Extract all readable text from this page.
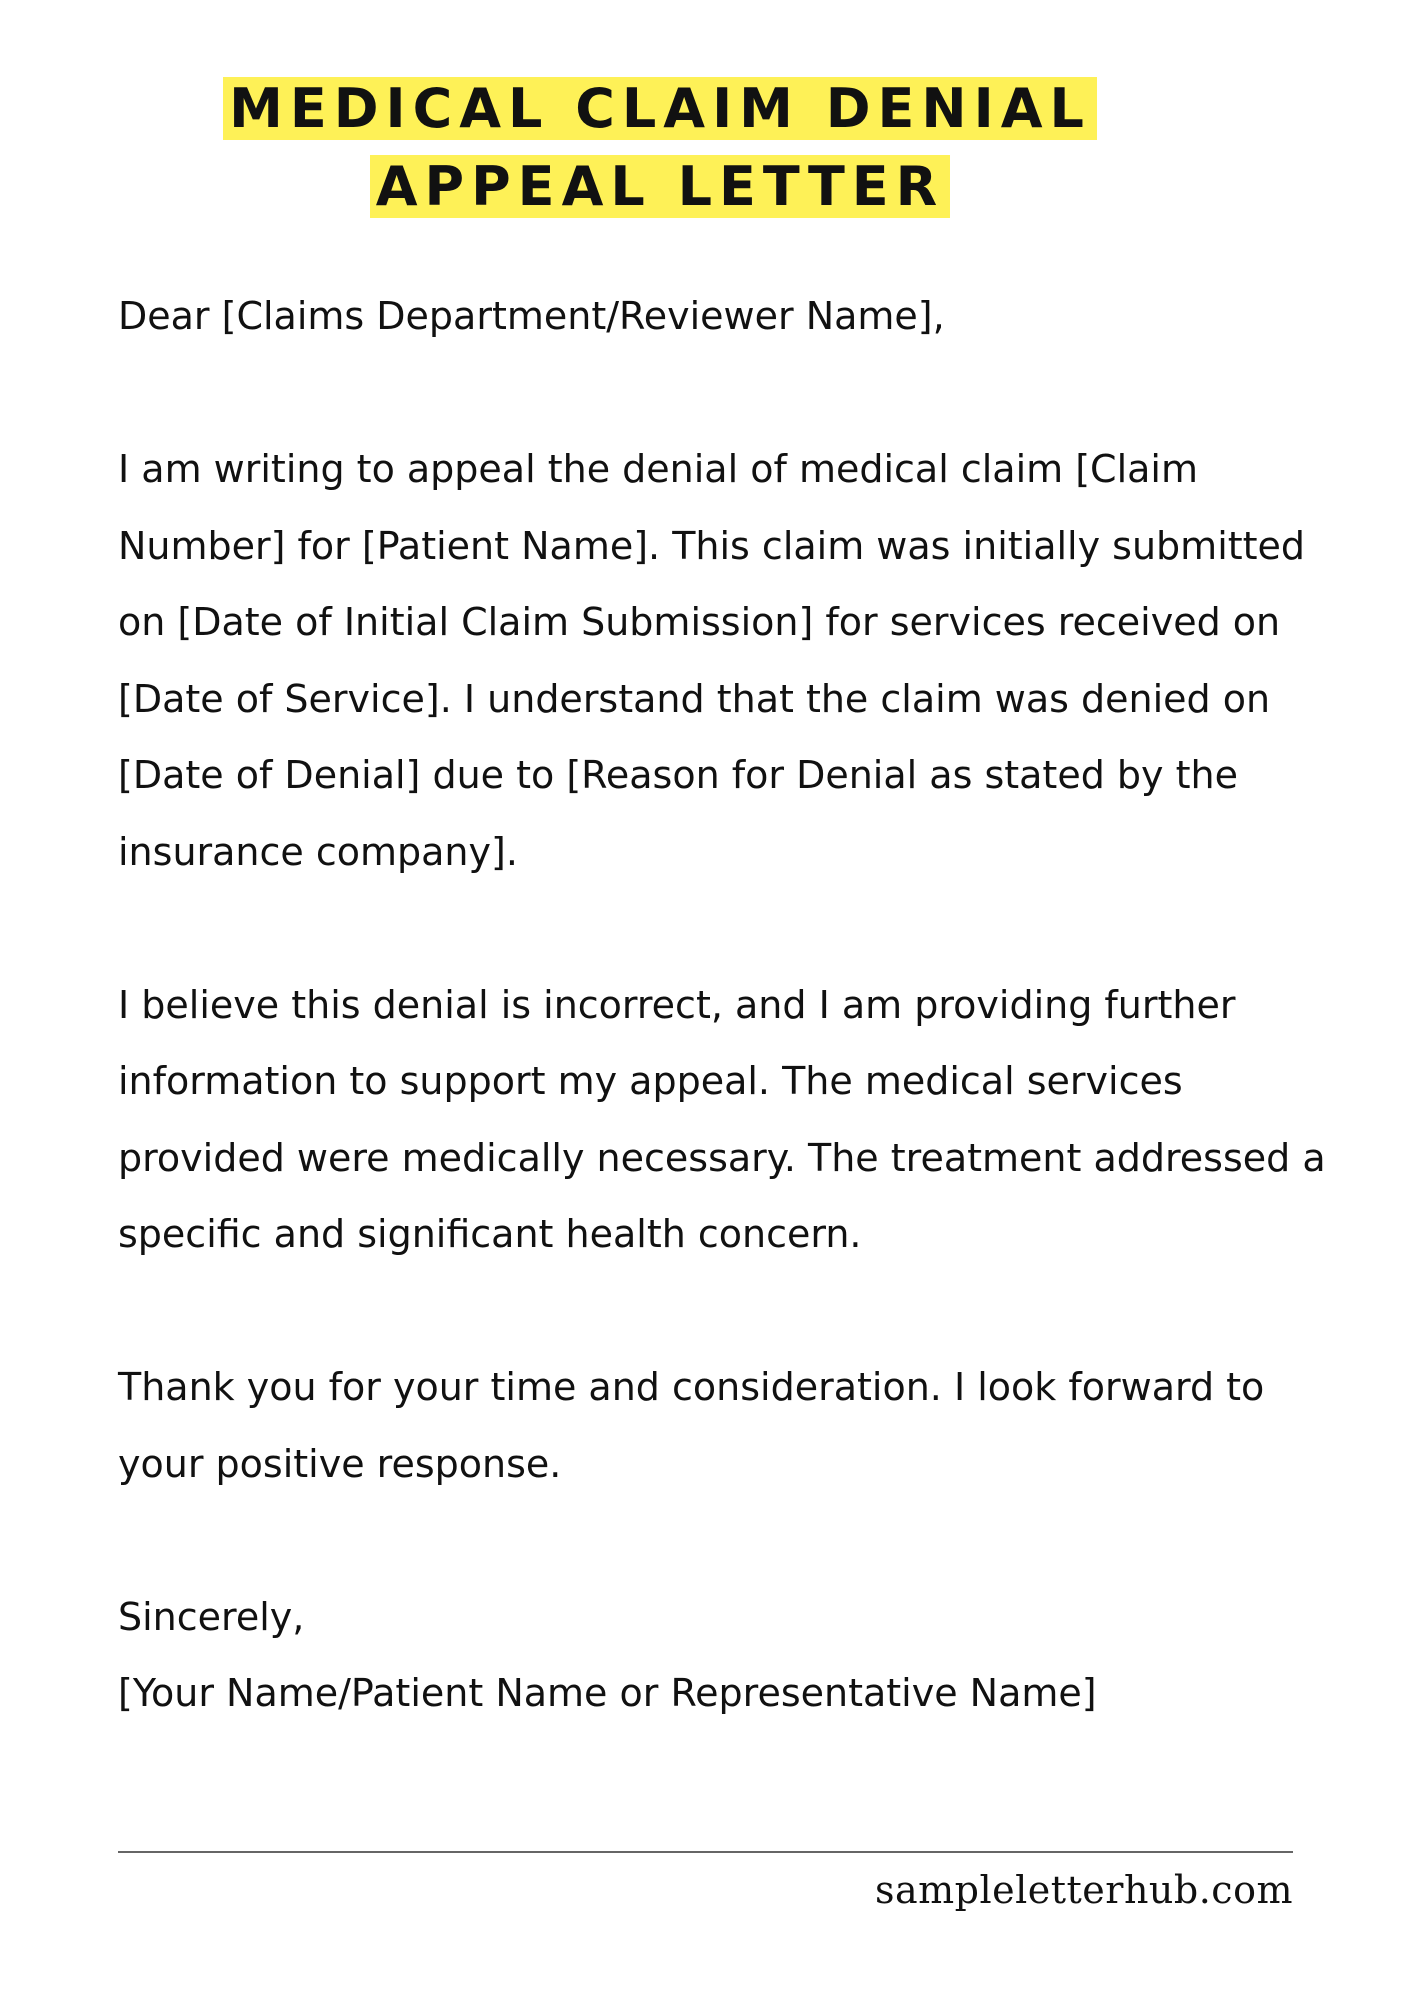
MEDICAL CLAIM DENIAL APPEAL LETTER

Dear [Claims Department/Reviewer Name],

I am writing to appeal the denial of medical claim [Claim Number] for [Patient Name]. This claim was initially submitted on [Date of Initial Claim Submission] for services received on [Date of Service]. I understand that the claim was denied on [Date of Denial] due to [Reason for Denial as stated by the insurance company].

I believe this denial is incorrect, and I am providing further information to support my appeal. The medical services provided were medically necessary. The treatment addressed a specific and significant health concern.

Thank you for your time and consideration. I look forward to your positive response.

Sincerely,

[Your Name/Patient Name or Representative Name]

sampleletterhub.com
